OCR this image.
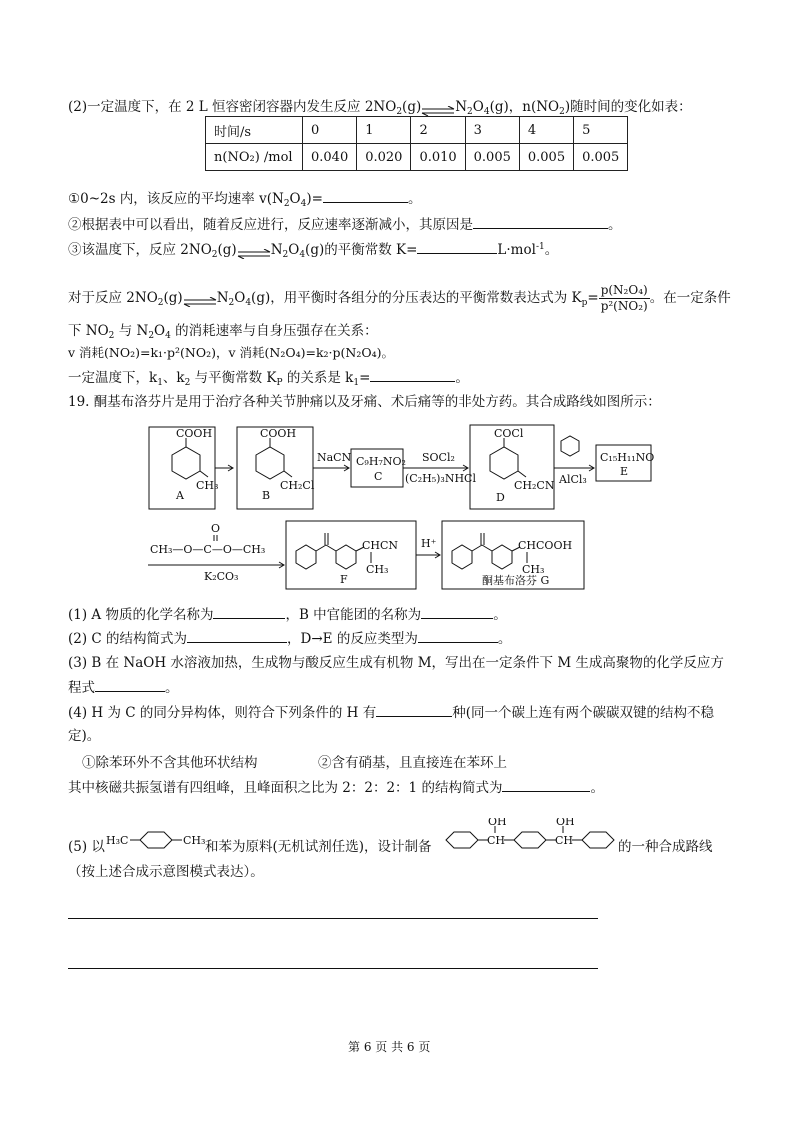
(2)一定温度下，在 2 L 恒容密闭容器内发生反应 $2NO_2(g)\rightleftharpoons N_2O_4(g)$，$n(NO_2)$随时间的变化如表：
时间/s	0	1	2	3	4	5
n(NO₂) /mol	0.040	0.020	0.010	0.005	0.005	0.005
①0~2s 内，该反应的平均速率 $v(N_2O_4)=$	。
②根据表中可以看出，随着反应进行，反应速率逐渐减小，其原因是	。
③该温度下，反应 $2NO_2(g)\rightleftharpoons N_2O_4(g)$的平衡常数 K=	L·mol$^{-1}$。
对于反应 $2NO_2(g)\rightleftharpoons N_2O_4(g)$，用平衡时各组分的分压表达的平衡常数表达式为 $K_p= \frac{\text{p(N₂O₄)}}{\text{p²(NO₂)}}$ 。在一定条件
下 $NO_2$ 与 $N_2O_4$ 的消耗速率与自身压强存在关系：
v 消耗(NO₂)=k₁·p²(NO₂)，v 消耗(N₂O₄)=k₂·p(N₂O₄)。
一定温度下，$k_1$、$k_2$ 与平衡常数 $K_P$ 的关系是 $k_1=$	。
19. 酮基布洛芬片是用于治疗各种关节肿痛以及牙痛、术后痛等的非处方药。其合成路线如图所示：
COOH
CH₃
A
COOH
CH₂Cl
B
NaCN C₉H₇NO₂
C
SOCl₂
(C₂H₅)₃NHCl
COCl
CH₂CN
D
AlCl₃
C₁₅H₁₁NO
E
O
CH₃—O—C—O—CH₃
K₂CO₃
CHCN
CH₃
F
H⁺	CHCOOH
CH₃
酮基布洛芬 G
(1) A 物质的化学名称为	，B 中官能团的名称为	。
(2) C 的结构简式为	，D→E 的反应类型为	。
(3) B 在 NaOH 水溶液加热，生成物与酸反应生成有机物 M，写出在一定条件下 M 生成高聚物的化学反应方
程式	。
(4) H 为 C 的同分异构体，则符合下列条件的 H 有	种(同一个碳上连有两个碳碳双键的结构不稳
定)。
①除苯环外不含其他环状结构	②含有硝基，且直接连在苯环上
其中核磁共振氢谱有四组峰，且峰面积之比为 2：2：2：1 的结构简式为	。
(5) 以 H₃C	CH₃
OH
CH
OH
CH
和苯为原料(无机试剂任选)，设计制备	的一种合成路线
（按上述合成示意图模式表达）。
第 6 页 共 6 页
